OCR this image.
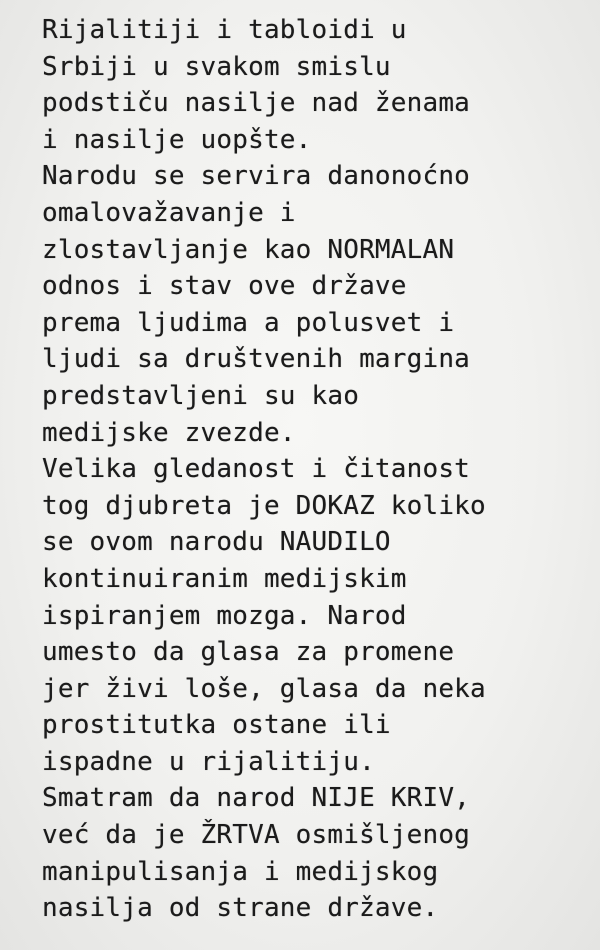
Rijalitiji i tabloidi u
Srbiji u svakom smislu
podstiču nasilje nad ženama
i nasilje uopšte.
Narodu se servira danonoćno
omalovažavanje i
zlostavljanje kao NORMALAN
odnos i stav ove države
prema ljudima a polusvet i
ljudi sa društvenih margina
predstavljeni su kao
medijske zvezde.
Velika gledanost i čitanost
tog djubreta je DOKAZ koliko
se ovom narodu NAUDILO
kontinuiranim medijskim
ispiranjem mozga. Narod
umesto da glasa za promene
jer živi loše, glasa da neka
prostitutka ostane ili
ispadne u rijalitiju.
Smatram da narod NIJE KRIV,
već da je ŽRTVA osmišljenog
manipulisanja i medijskog
nasilja od strane države.
